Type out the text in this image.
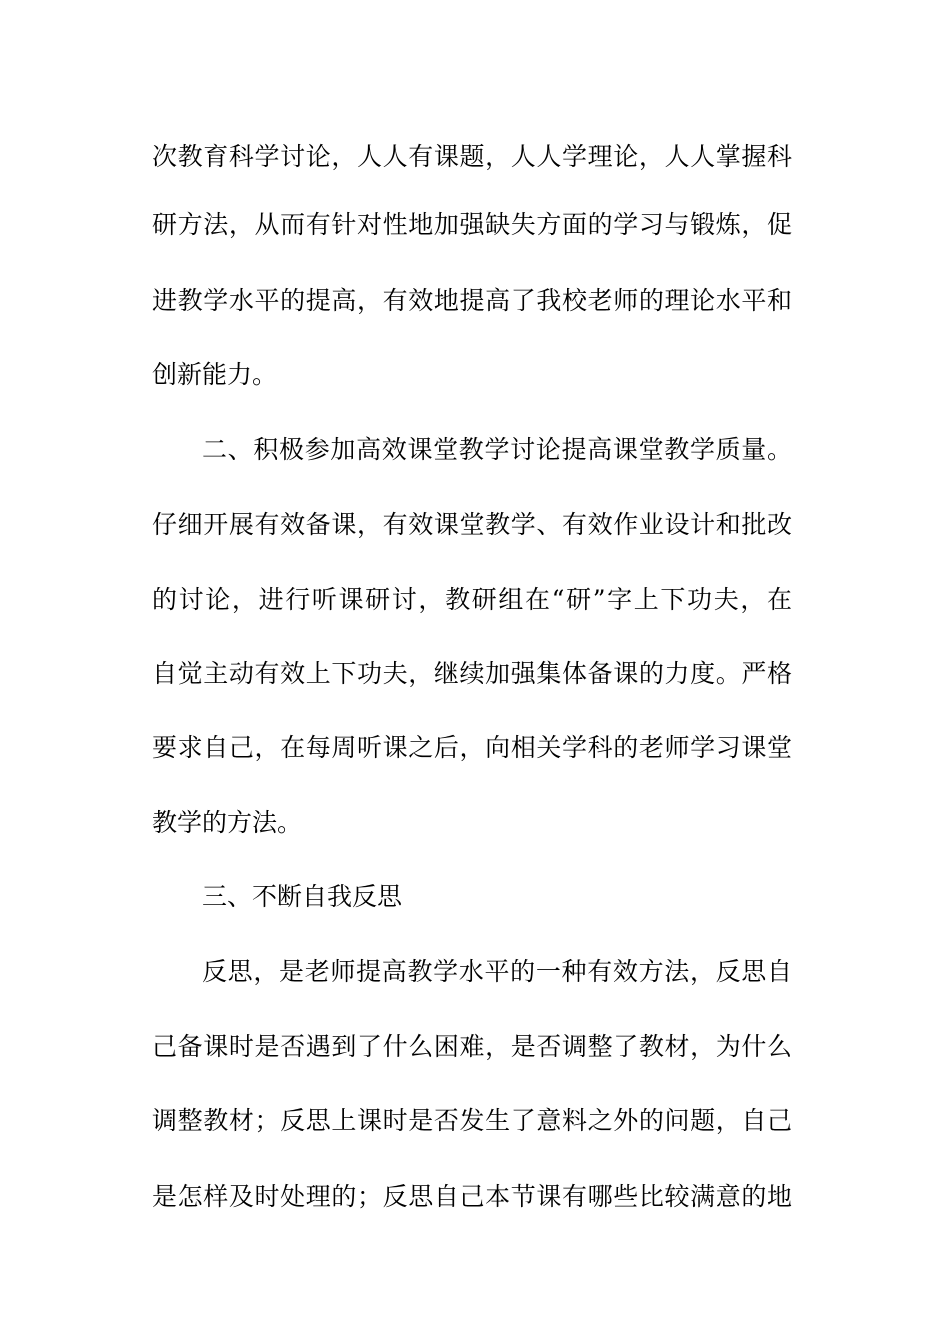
次教育科学讨论，人人有课题，人人学理论，人人掌握科
研方法，从而有针对性地加强缺失方面的学习与锻炼，促
进教学水平的提高，有效地提高了我校老师的理论水平和
创新能力。
二、积极参加高效课堂教学讨论提高课堂教学质量。
仔细开展有效备课，有效课堂教学、有效作业设计和批改
的讨论，进行听课研讨，教研组在“研”字上下功夫，在
自觉主动有效上下功夫，继续加强集体备课的力度。严格
要求自己，在每周听课之后，向相关学科的老师学习课堂
教学的方法。
三、不断自我反思
反思，是老师提高教学水平的一种有效方法，反思自
己备课时是否遇到了什么困难，是否调整了教材，为什么
调整教材；反思上课时是否发生了意料之外的问题，自己
是怎样及时处理的；反思自己本节课有哪些比较满意的地
